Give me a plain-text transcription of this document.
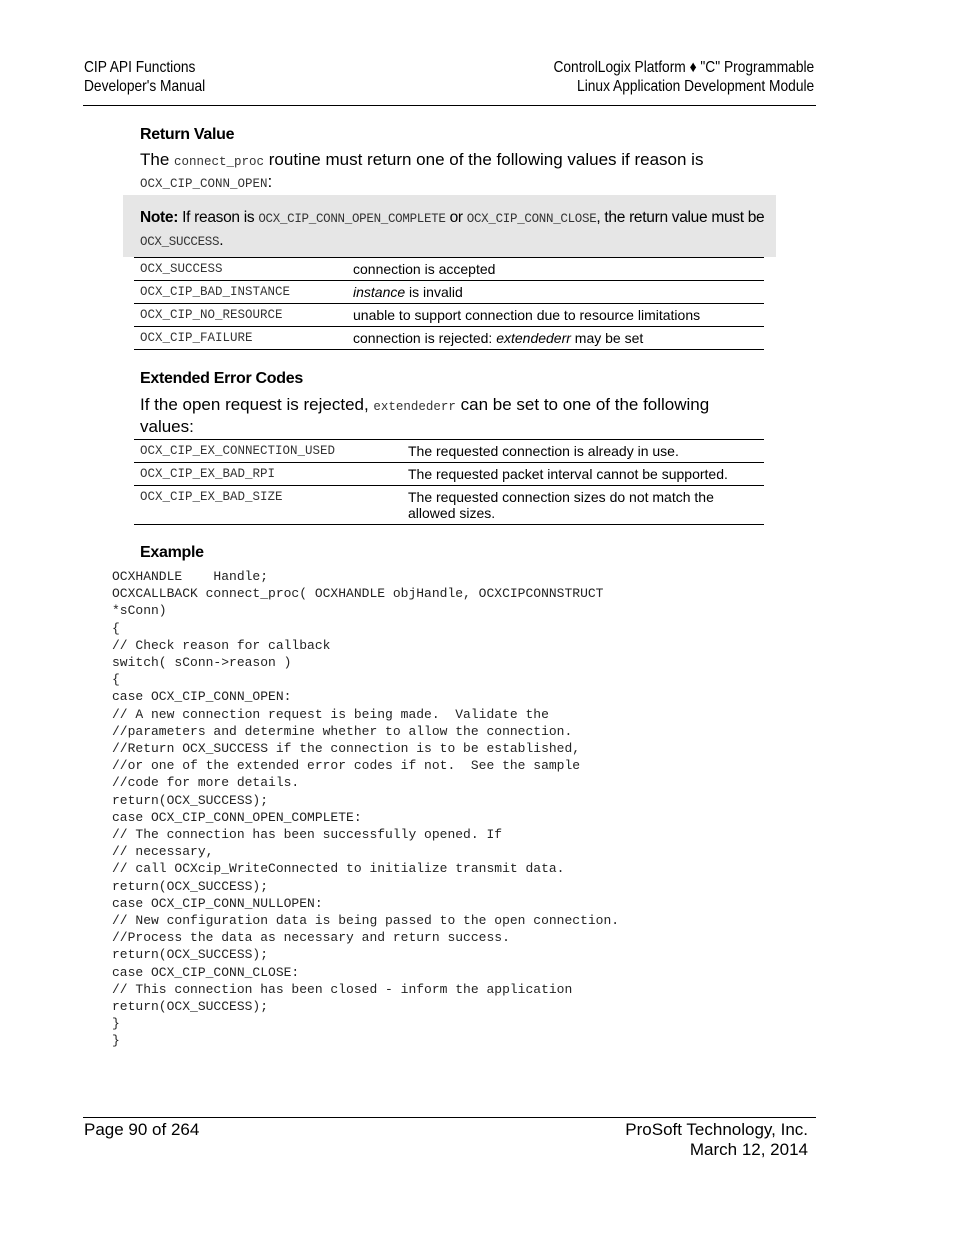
CIP API Functions
Developer's Manual
ControlLogix Platform ♦ "C" Programmable
Linux Application Development Module
Return Value
The connect_proc routine must return one of the following values if reason is
OCX_CIP_CONN_OPEN:
Note: If reason is OCX_CIP_CONN_OPEN_COMPLETE or OCX_CIP_CONN_CLOSE, the return value must be OCX_SUCCESS.
OCX_SUCCESS	connection is accepted
OCX_CIP_BAD_INSTANCE	instance is invalid
OCX_CIP_NO_RESOURCE	unable to support connection due to resource limitations
OCX_CIP_FAILURE	connection is rejected: extendederr may be set
Extended Error Codes
If the open request is rejected, extendederr can be set to one of the following values:
OCX_CIP_EX_CONNECTION_USED	The requested connection is already in use.
OCX_CIP_EX_BAD_RPI	The requested packet interval cannot be supported.
OCX_CIP_EX_BAD_SIZE	The requested connection sizes do not match the allowed sizes.
Example
OCXHANDLE    Handle;
OCXCALLBACK connect_proc( OCXHANDLE objHandle, OCXCIPCONNSTRUCT
*sConn)
{
// Check reason for callback
switch( sConn->reason )
{
case OCX_CIP_CONN_OPEN:
// A new connection request is being made.  Validate the
//parameters and determine whether to allow the connection.
//Return OCX_SUCCESS if the connection is to be established,
//or one of the extended error codes if not.  See the sample
//code for more details.
return(OCX_SUCCESS);
case OCX_CIP_CONN_OPEN_COMPLETE:
// The connection has been successfully opened. If
// necessary,
// call OCXcip_WriteConnected to initialize transmit data.
return(OCX_SUCCESS);
case OCX_CIP_CONN_NULLOPEN:
// New configuration data is being passed to the open connection.
//Process the data as necessary and return success.
return(OCX_SUCCESS);
case OCX_CIP_CONN_CLOSE:
// This connection has been closed - inform the application
return(OCX_SUCCESS);
}
}
Page 90 of 264	ProSoft Technology, Inc.
March 12, 2014
